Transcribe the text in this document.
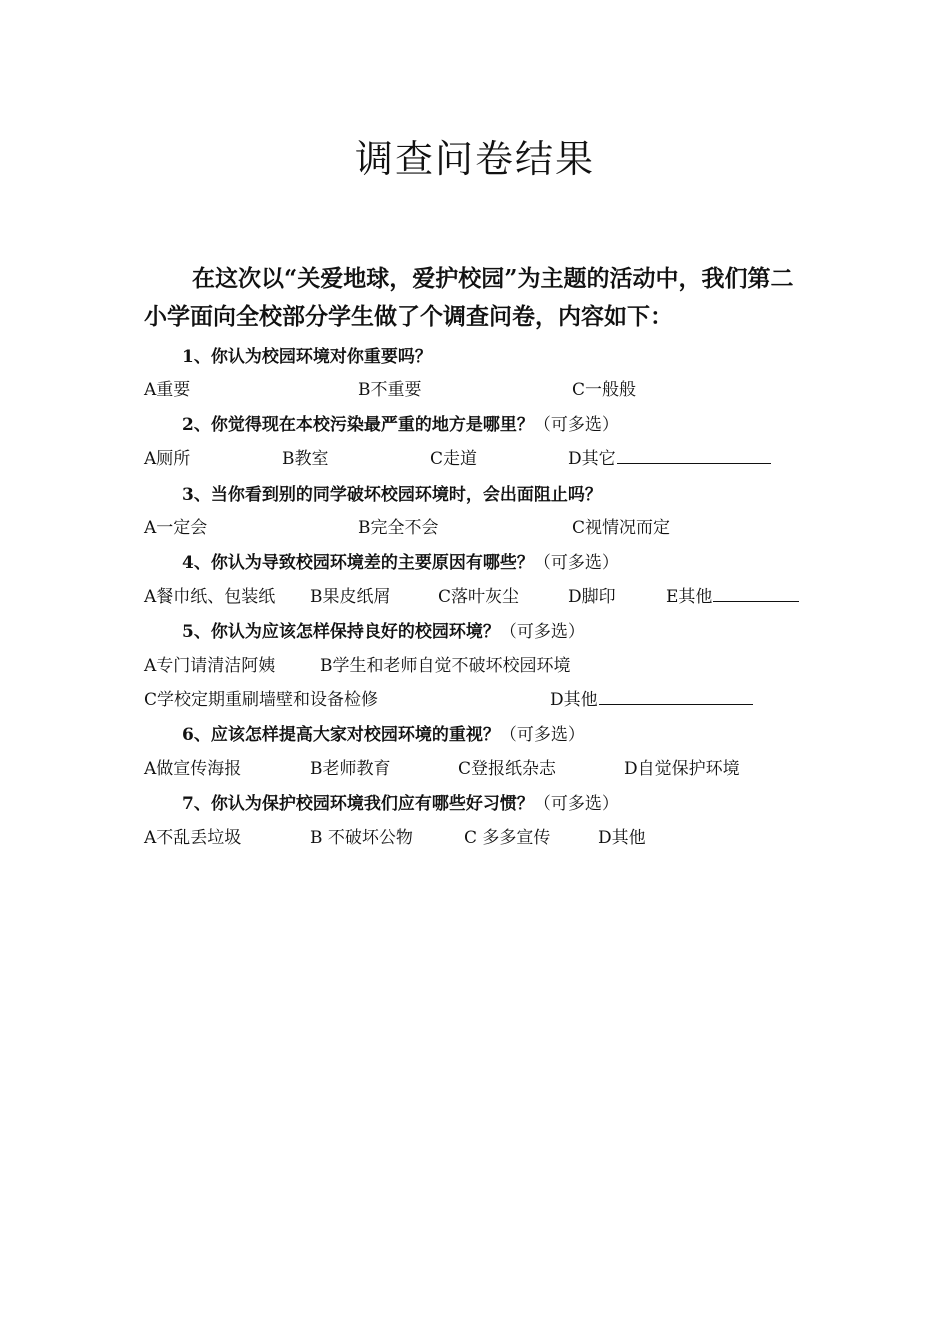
调查问卷结果
在这次以“关爱地球，爱护校园”为主题的活动中，我们第二小学面向全校部分学生做了个调查问卷，内容如下：
1、你认为校园环境对你重要吗？
A重要	B不重要	C一般般
2、你觉得现在本校污染最严重的地方是哪里？（可多选）
A厕所	B教室	C走道	D其它
3、当你看到别的同学破坏校园环境时，会出面阻止吗？
A一定会	B完全不会	C视情况而定
4、你认为导致校园环境差的主要原因有哪些？（可多选）
A餐巾纸、包装纸 B果皮纸屑	C落叶灰尘	D脚印	E其他
5、你认为应该怎样保持良好的校园环境？（可多选）
A专门请清洁阿姨	B学生和老师自觉不破坏校园环境
C学校定期重刷墙壁和设备检修	D其他
6、应该怎样提高大家对校园环境的重视？（可多选）
A做宣传海报	B老师教育	C登报纸杂志	D自觉保护环境
7、你认为保护校园环境我们应有哪些好习惯？（可多选）
A不乱丢垃圾	B 不破坏公物	C 多多宣传	D其他
